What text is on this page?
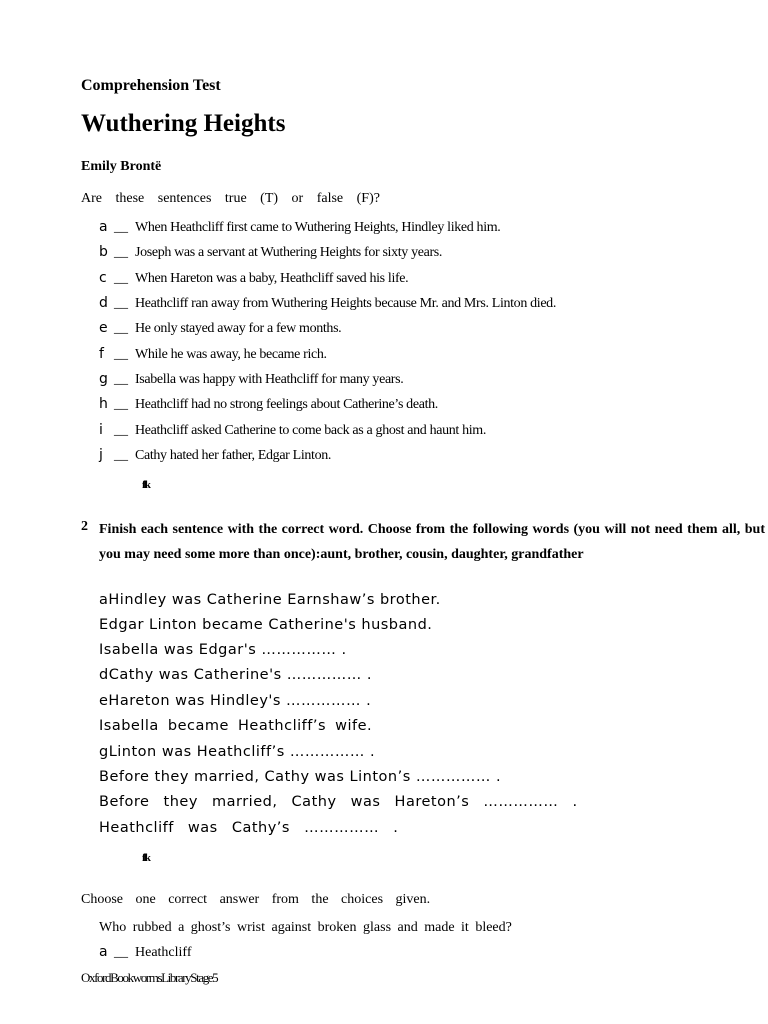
Comprehension Test
Wuthering Heights
Emily Brontë
Are these sentences true (T) or false (F)?
a __ When Heathcliff first came to Wuthering Heights, Hindley liked him.
b __ Joseph was a servant at Wuthering Heights for sixty years.
c __ When Hareton was a baby, Heathcliff saved his life.
d __ Heathcliff ran away from Wuthering Heights because Mr. and Mrs. Linton died.
e __ He only stayed away for a few months.
f __ While he was away, he became rich.
g __ Isabella was happy with Heathcliff for many years.
h __ Heathcliff had no strong feelings about Catherine’s death.
i __ Heathcliff asked Catherine to come back as a ghost and haunt him.
j __ Cathy hated her father, Edgar Linton.
flk
2 Finish each sentence with the correct word. Choose from the following words (you will not need them all, but you may need some more than once):aunt, brother, cousin, daughter, grandfather
aHindley was Catherine Earnshaw’s brother.
Edgar Linton became Catherine's husband.
Isabella was Edgar's …………… .
dCathy was Catherine's …………… .
eHareton was Hindley's …………… .
Isabella became Heathcliff’s wife.
gLinton was Heathcliff’s …………… .
Before they married, Cathy was Linton’s …………… .
Before they married, Cathy was Hareton’s …………… .
Heathcliff was Cathy’s …………… .
flk
Choose one correct answer from the choices given.
Who rubbed a ghost’s wrist against broken glass and made it bleed?
a __ Heathcliff
OxfordBookwormsLibraryStage5
